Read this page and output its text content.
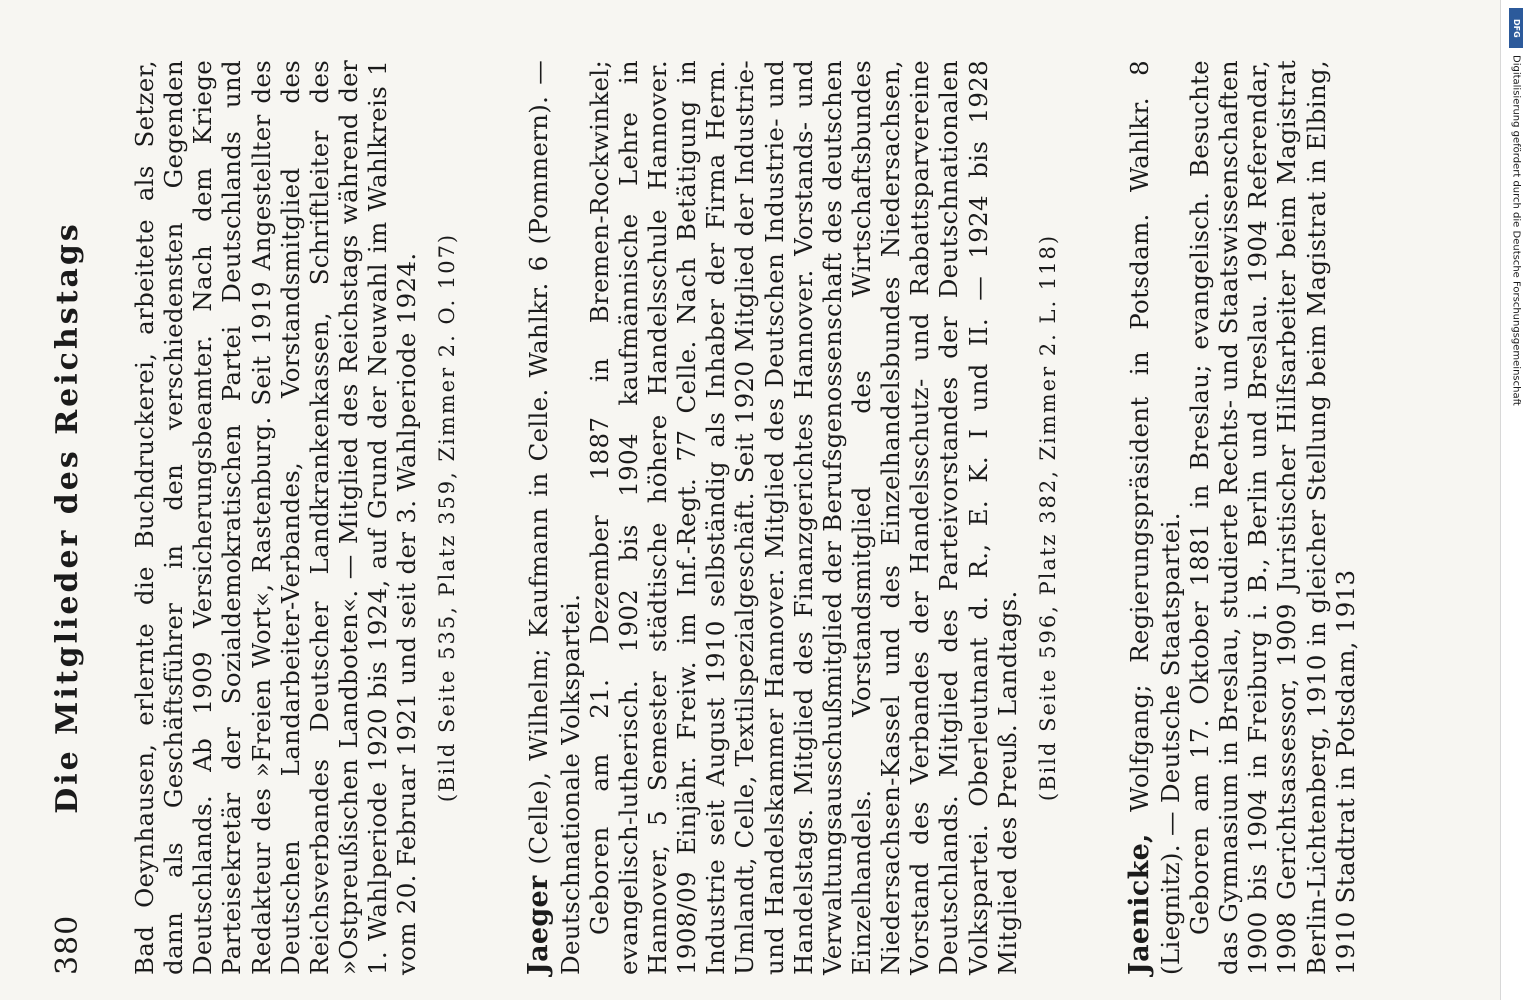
380
Die Mitglieder des Reichstags Bad Oeynhausen, erlernte die Buchdruckerei, arbeitete als Setzer, dann als Geschäftsführer in den verschiedensten Gegenden Deutschlands. Ab 1909 Versicherungsbeamter. Nach dem Kriege Parteisekretär der Sozialdemokratischen Partei Deutschlands und Redakteur des »Freien Wort«, Rastenburg. Seit 1919 Angestellter des Deutschen Landarbeiter-Verbandes, Vorstandsmitglied des Reichsverbandes Deutscher Landkrankenkassen, Schriftleiter des »Ostpreußischen Landboten«. — Mitglied des Reichstags während der 1. Wahlperiode 1920 bis 1924, auf Grund der Neuwahl im Wahlkreis 1 vom 20. Februar 1921 und seit der 3. Wahlperiode 1924. (Bild Seite 535, Platz 359, Zimmer 2. O. 107)

Jaeger (Celle), Wilhelm; Kaufmann in Celle. Wahlkr. 6 (Pommern). — Deutschnationale Volkspartei. Geboren am 21. Dezember 1887 in Bremen-Rockwinkel; evangelisch-lutherisch. 1902 bis 1904 kaufmännische Lehre in Hannover, 5 Semester städtische höhere Handelsschule Hannover. 1908/09 Einjähr. Freiw. im Inf.-Regt. 77 Celle. Nach Betätigung in Industrie seit August 1910 selbständig als Inhaber der Firma Herm. Umlandt, Celle, Textilspezialgeschäft. Seit 1920 Mitglied der Industrie- und Handelskammer Hannover. Mitglied des Deutschen Industrie- und Handelstags. Mitglied des Finanzgerichtes Hannover. Vorstands- und Verwaltungsausschußmitglied der Berufsgenossenschaft des deutschen Einzelhandels. Vorstandsmitglied des Wirtschaftsbundes Niedersachsen-Kassel und des Einzelhandelsbundes Niedersachsen, Vorstand des Verbandes der Handelsschutz- und Rabattsparvereine Deutschlands. Mitglied des Parteivorstandes der Deutschnationalen Volkspartei. Oberleutnant d. R., E. K. I und II. — 1924 bis 1928 Mitglied des Preuß. Landtags. (Bild Seite 596, Platz 382, Zimmer 2. L. 118)

Jaenicke, Wolfgang; Regierungspräsident in Potsdam. Wahlkr. 8 (Liegnitz). — Deutsche Staatspartei. Geboren am 17. Oktober 1881 in Breslau; evangelisch. Besuchte das Gymnasium in Breslau, studierte Rechts- und Staatswissenschaften 1900 bis 1904 in Freiburg i. B., Berlin und Breslau. 1904 Referendar, 1908 Gerichtsassessor, 1909 Juristischer Hilfsarbeiter beim Magistrat Berlin-Lichtenberg, 1910 in gleicher Stellung beim Magistrat in Elbing, 1910 Stadtrat in Potsdam, 1913

DFG
Digitalisierung gefördert durch die Deutsche Forschungsgemeinschaft
